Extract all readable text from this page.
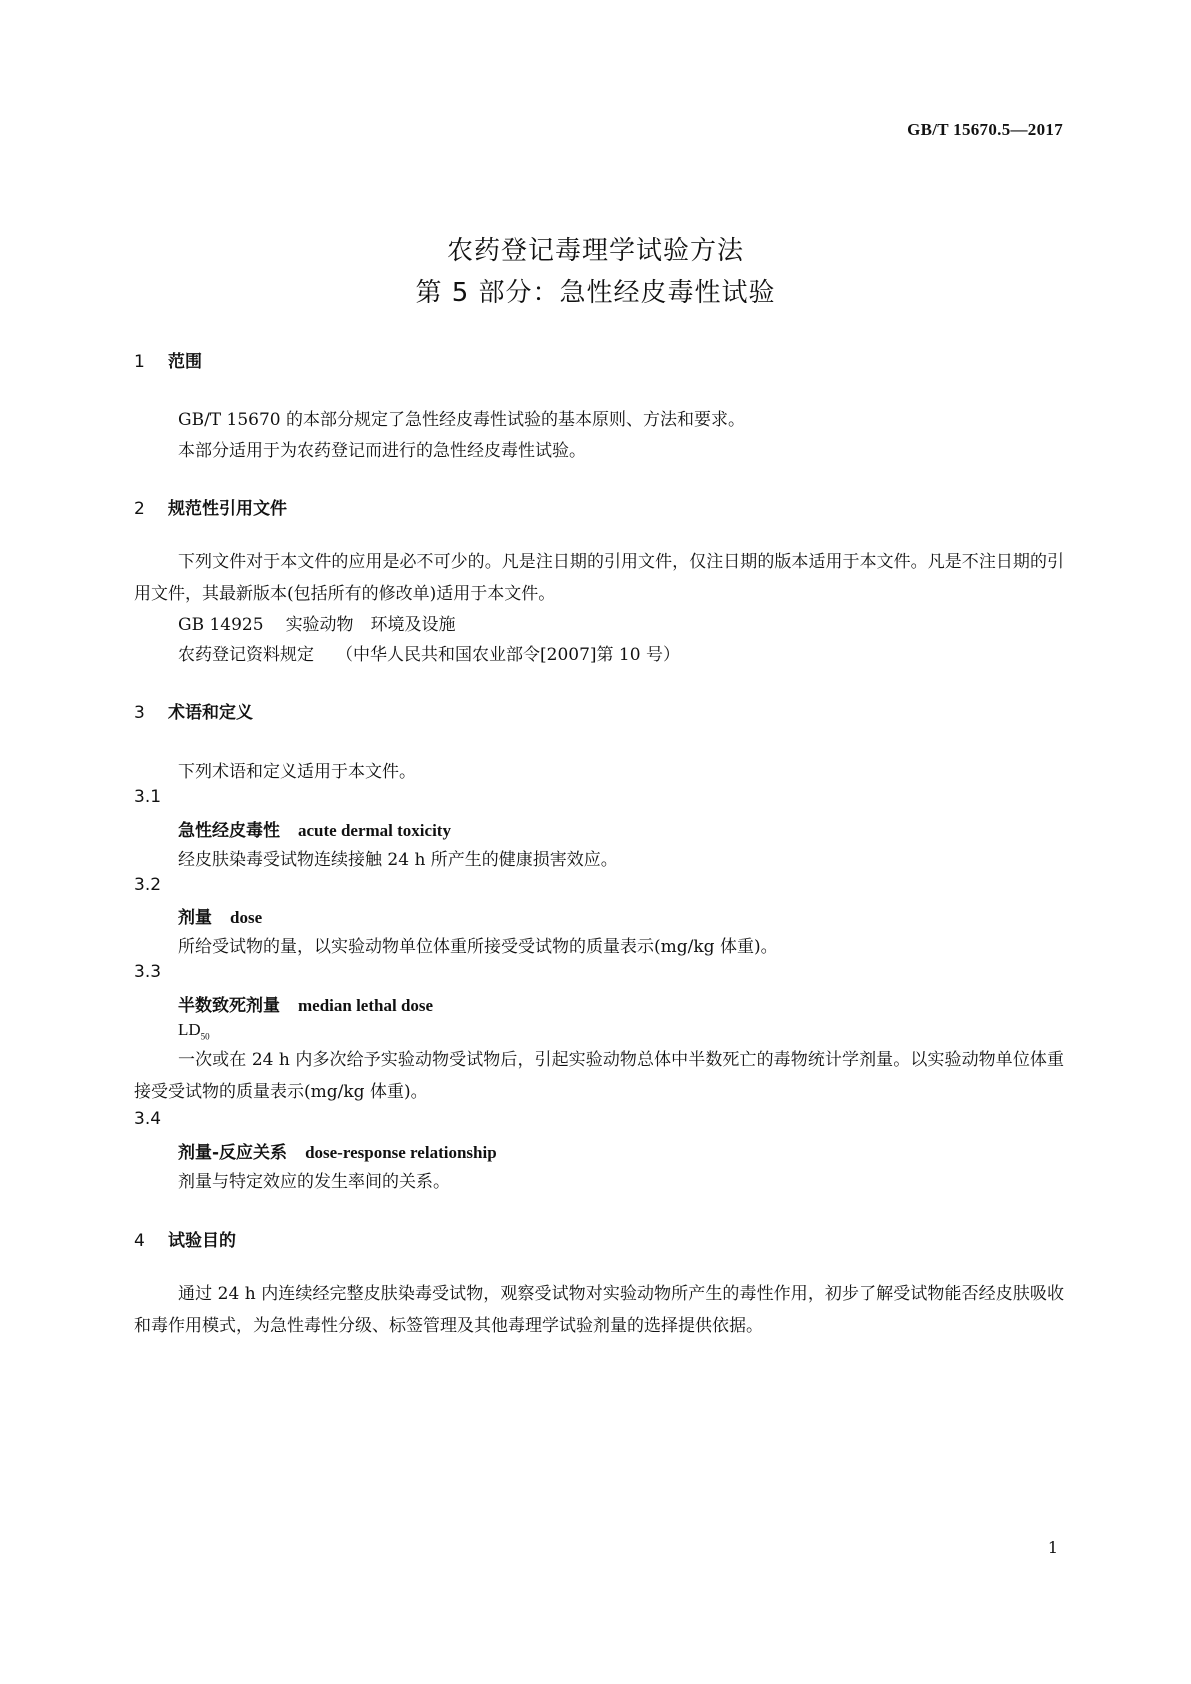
GB/T 15670.5—2017
农药登记毒理学试验方法
第 5 部分：急性经皮毒性试验
1 范围
GB/T 15670 的本部分规定了急性经皮毒性试验的基本原则、方法和要求。
本部分适用于为农药登记而进行的急性经皮毒性试验。
2 规范性引用文件
下列文件对于本文件的应用是必不可少的。凡是注日期的引用文件，仅注日期的版本适用于本文件。凡是不注日期的引用文件，其最新版本(包括所有的修改单)适用于本文件。
GB 14925 实验动物　环境及设施
农药登记资料规定 （中华人民共和国农业部令[2007]第 10 号）
3 术语和定义
下列术语和定义适用于本文件。
3.1
急性经皮毒性 acute dermal toxicity
经皮肤染毒受试物连续接触 24 h 所产生的健康损害效应。
3.2
剂量 dose
所给受试物的量，以实验动物单位体重所接受受试物的质量表示(mg/kg 体重)。
3.3
半数致死剂量 median lethal dose
$LD_{50}$
一次或在 24 h 内多次给予实验动物受试物后，引起实验动物总体中半数死亡的毒物统计学剂量。以实验动物单位体重接受受试物的质量表示(mg/kg 体重)。
3.4
剂量-反应关系 dose-response relationship
剂量与特定效应的发生率间的关系。
4 试验目的
通过 24 h 内连续经完整皮肤染毒受试物，观察受试物对实验动物所产生的毒性作用，初步了解受试物能否经皮肤吸收和毒作用模式，为急性毒性分级、标签管理及其他毒理学试验剂量的选择提供依据。
1
